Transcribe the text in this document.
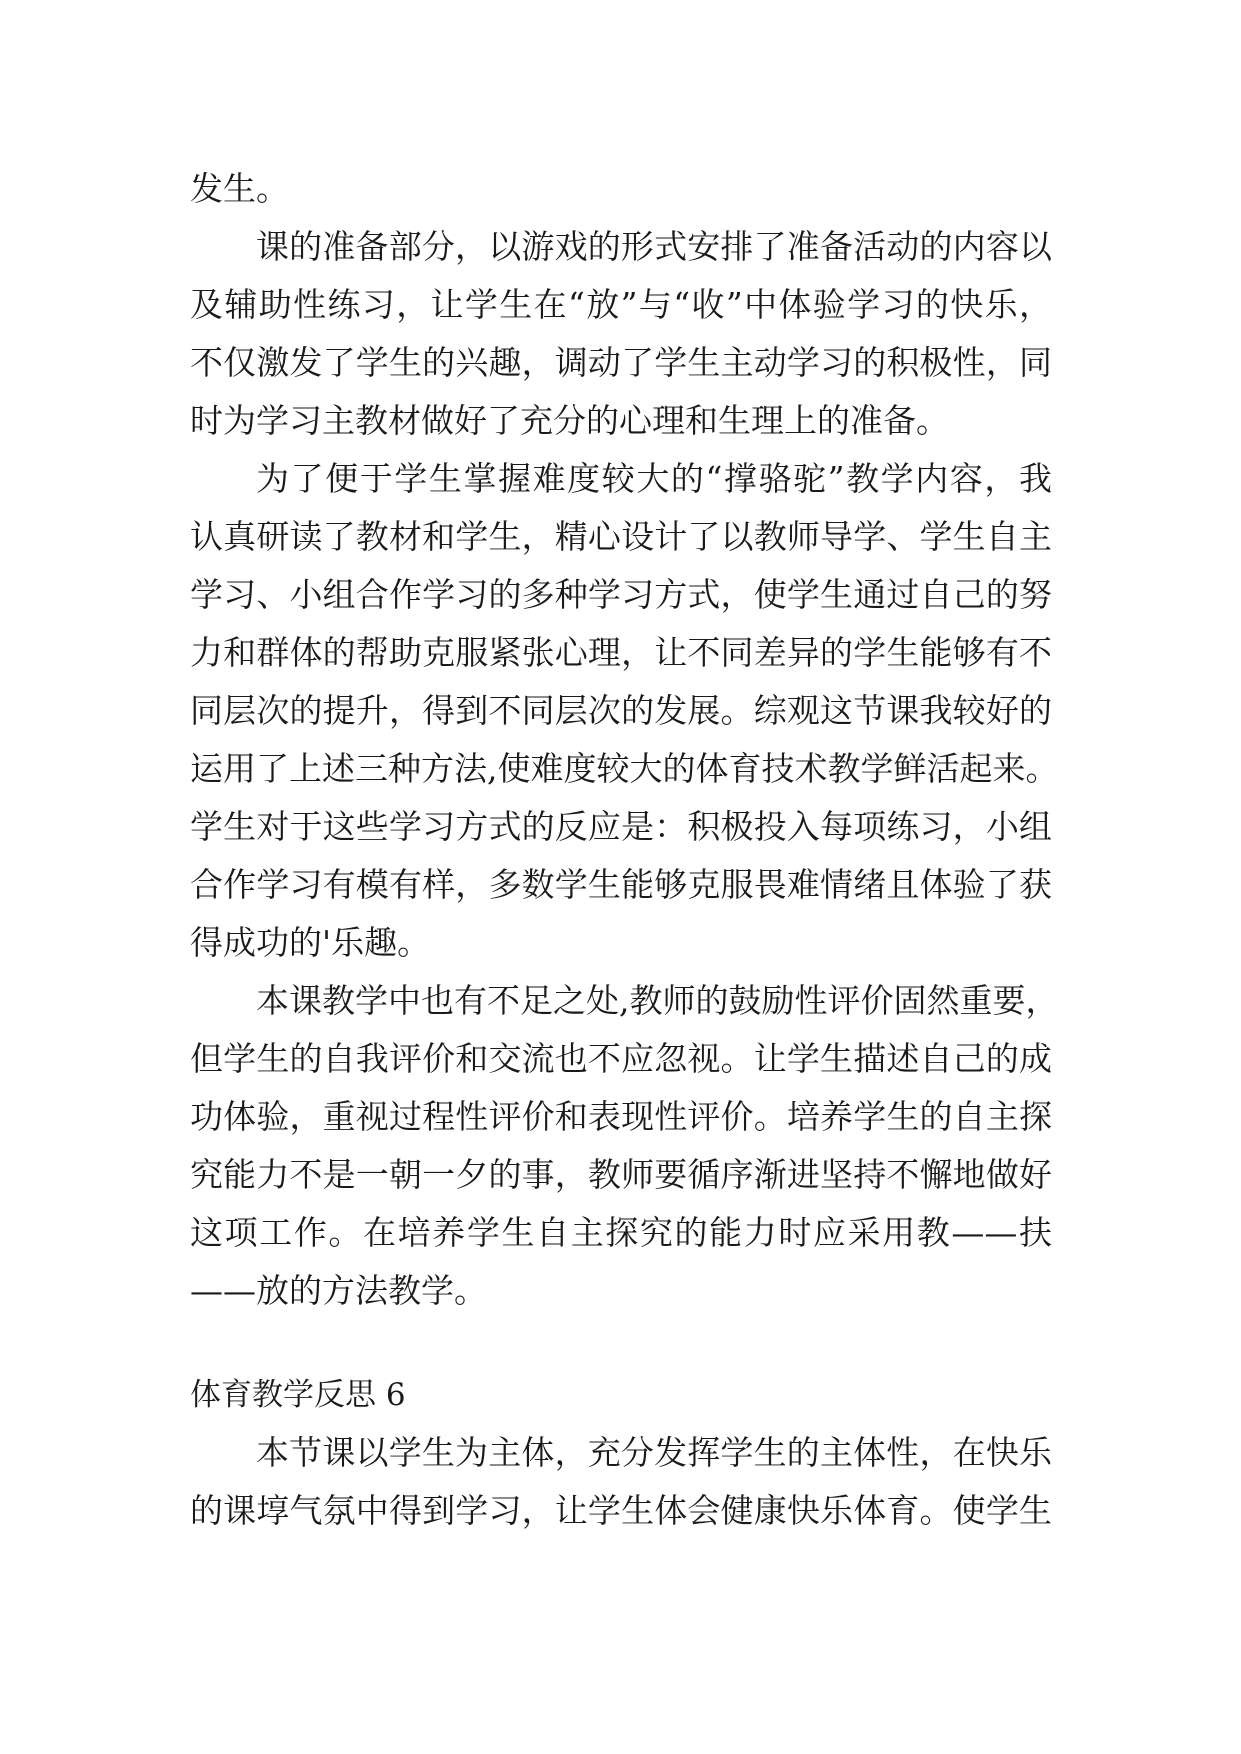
发生。
课的准备部分，以游戏的形式安排了准备活动的内容以
及辅助性练习，让学生在“放”与“收”中体验学习的快乐，
不仅激发了学生的兴趣，调动了学生主动学习的积极性，同
时为学习主教材做好了充分的心理和生理上的准备。
为了便于学生掌握难度较大的“撑骆驼”教学内容，我
认真研读了教材和学生，精心设计了以教师导学、学生自主
学习、小组合作学习的多种学习方式，使学生通过自己的努
力和群体的帮助克服紧张心理，让不同差异的学生能够有不
同层次的提升，得到不同层次的发展。综观这节课我较好的
运用了上述三种方法,使难度较大的体育技术教学鲜活起来。
学生对于这些学习方式的反应是：积极投入每项练习，小组
合作学习有模有样，多数学生能够克服畏难情绪且体验了获
得成功的'乐趣。
本课教学中也有不足之处,教师的鼓励性评价固然重要，
但学生的自我评价和交流也不应忽视。让学生描述自己的成
功体验，重视过程性评价和表现性评价。培养学生的自主探
究能力不是一朝一夕的事，教师要循序渐进坚持不懈地做好
这项工作。在培养学生自主探究的能力时应采用教——扶
——放的方法教学。
体育教学反思 6
本节课以学生为主体，充分发挥学生的主体性，在快乐
的课埻气氛中得到学习，让学生体会健康快乐体育。使学生
